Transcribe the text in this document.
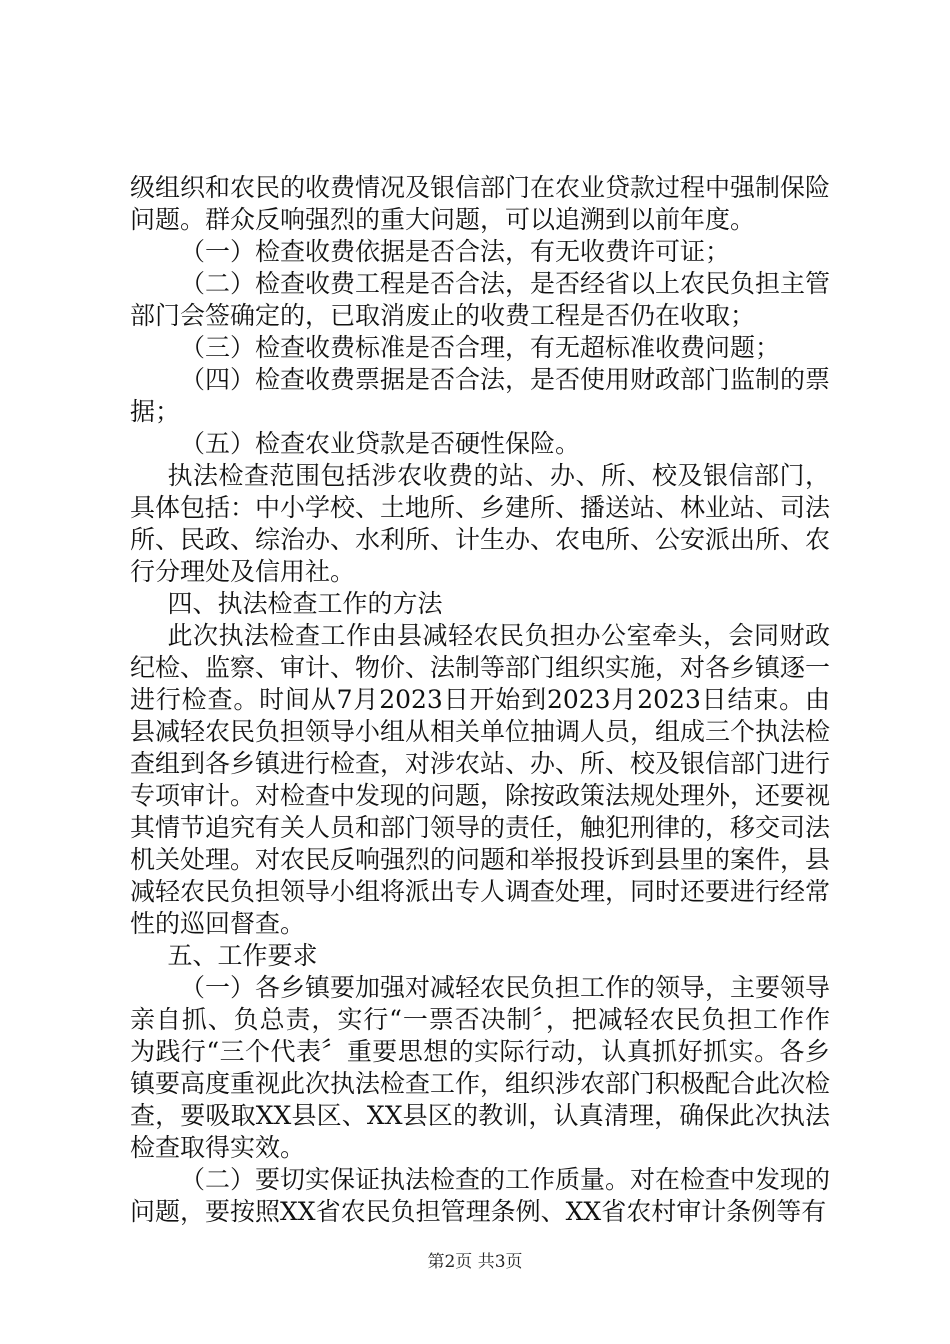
级组织和农民的收费情况及银信部门在农业贷款过程中强制保险问题。群众反响强烈的重大问题，可以追溯到以前年度。

（一）检查收费依据是否合法，有无收费许可证；

（二）检查收费工程是否合法，是否经省以上农民负担主管部门会签确定的，已取消废止的收费工程是否仍在收取；

（三）检查收费标准是否合理，有无超标准收费问题；

（四）检查收费票据是否合法，是否使用财政部门监制的票据；

（五）检查农业贷款是否硬性保险。

执法检查范围包括涉农收费的站、办、所、校及银信部门，具体包括：中小学校、土地所、乡建所、播送站、林业站、司法所、民政、综治办、水利所、计生办、农电所、公安派出所、农行分理处及信用社。

四、执法检查工作的方法

此次执法检查工作由县减轻农民负担办公室牵头，会同财政纪检、监察、审计、物价、法制等部门组织实施，对各乡镇逐一进行检查。时间从7月2023日开始到2023月2023日结束。由县减轻农民负担领导小组从相关单位抽调人员，组成三个执法检查组到各乡镇进行检查，对涉农站、办、所、校及银信部门进行专项审计。对检查中发现的问题，除按政策法规处理外，还要视其情节追究有关人员和部门领导的责任，触犯刑律的，移交司法机关处理。对农民反响强烈的问题和举报投诉到县里的案件，县减轻农民负担领导小组将派出专人调查处理，同时还要进行经常性的巡回督查。

五、工作要求

（一）各乡镇要加强对减轻农民负担工作的领导，主要领导亲自抓、负总责，实行“一票否决制〞，把减轻农民负担工作作为践行“三个代表〞重要思想的实际行动，认真抓好抓实。各乡镇要高度重视此次执法检查工作，组织涉农部门积极配合此次检查，要吸取XX县区、XX县区的教训，认真清理，确保此次执法检查取得实效。

（二）要切实保证执法检查的工作质量。对在检查中发现的问题，要按照XX省农民负担管理条例、XX省农村审计条例等有

第2页 共3页
